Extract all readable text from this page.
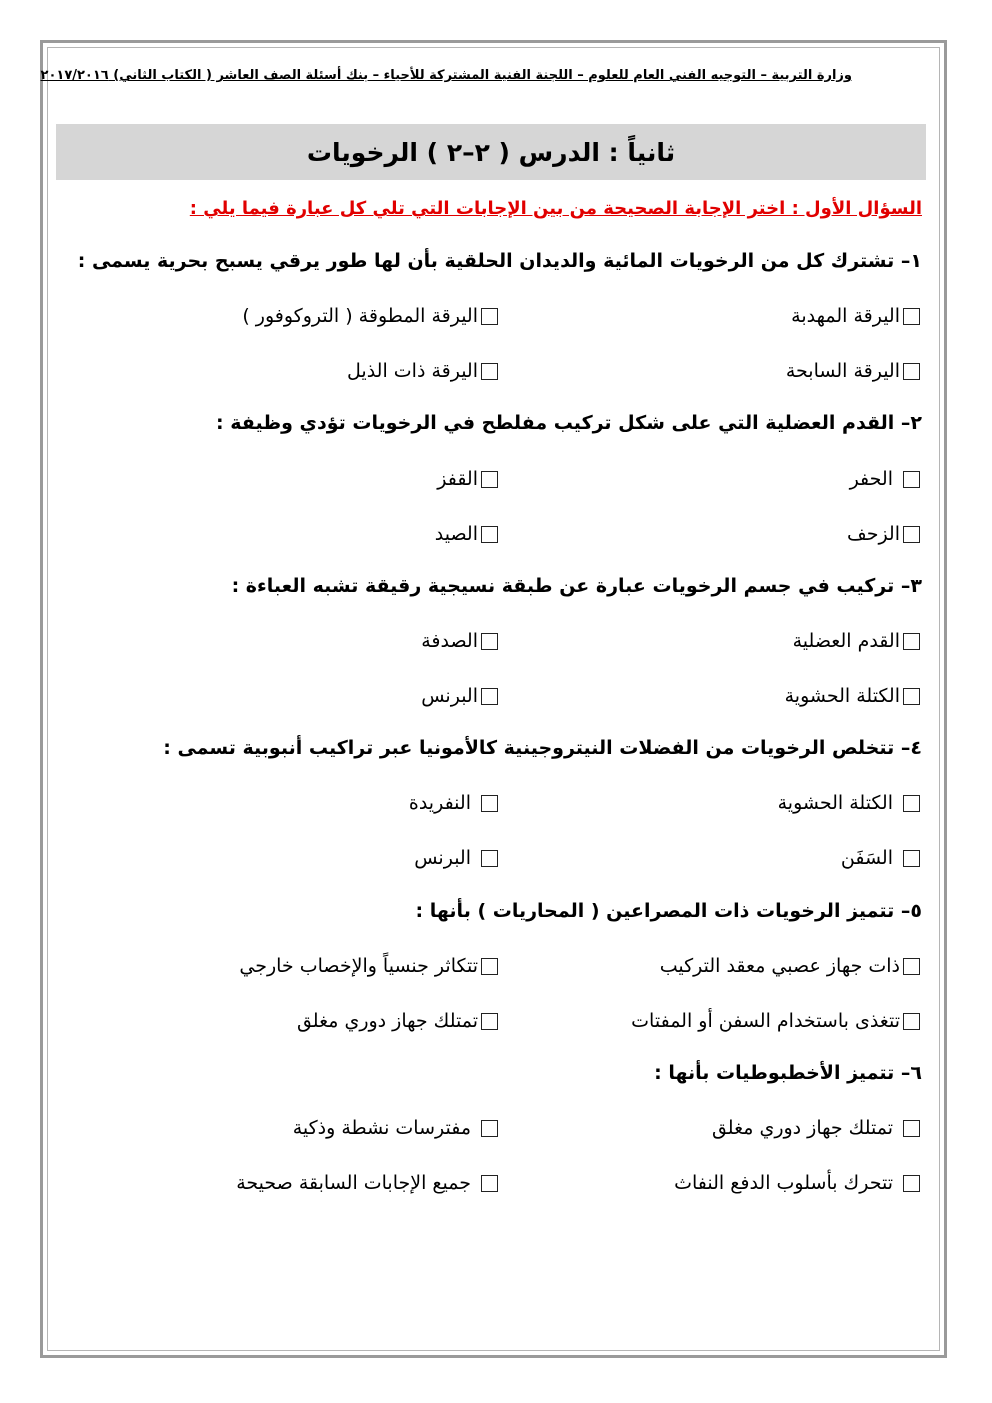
وزارة التربية – التوجيه الفني العام للعلوم – اللجنة الفنية المشتركة للأحياء – بنك أسئلة الصف العاشر ( الكتاب الثاني) ٢٠١٧/٢٠١٦
ثانياً : الدرس ( ٢–٢ ) الرخويات
السؤال الأول : اختر الإجابة الصحيحة من بين الإجابات التي تلي كل عبارة فيما يلي :
١– تشترك كل من الرخويات المائية والديدان الحلقية بأن لها طور يرقي يسبح بحرية يسمى :
اليرقة المهدبة
اليرقة المطوقة ( التروكوفور )
اليرقة السابحة
اليرقة ذات الذيل
٢– القدم العضلية التي على شكل تركيب مفلطح في الرخويات تؤدي وظيفة :
الحفر
القفز
الزحف
الصيد
٣– تركيب في جسم الرخويات عبارة عن طبقة نسيجية رقيقة تشبه العباءة :
القدم العضلية
الصدفة
الكتلة الحشوية
البرنس
٤– تتخلص الرخويات من الفضلات النيتروجينية كالأمونيا عبر تراكيب أنبوبية تسمى :
الكتلة الحشوية
النفريدة
السَفَن
البرنس
٥– تتميز الرخويات ذات المصراعين ( المحاريات ) بأنها :
ذات جهاز عصبي معقد التركيب
تتكاثر جنسياً والإخصاب خارجي
تتغذى باستخدام السفن أو المفتات
تمتلك جهاز دوري مغلق
٦– تتميز الأخطبوطيات بأنها :
تمتلك جهاز دوري مغلق
مفترسات نشطة وذكية
تتحرك بأسلوب الدفع النفاث
جميع الإجابات السابقة صحيحة
